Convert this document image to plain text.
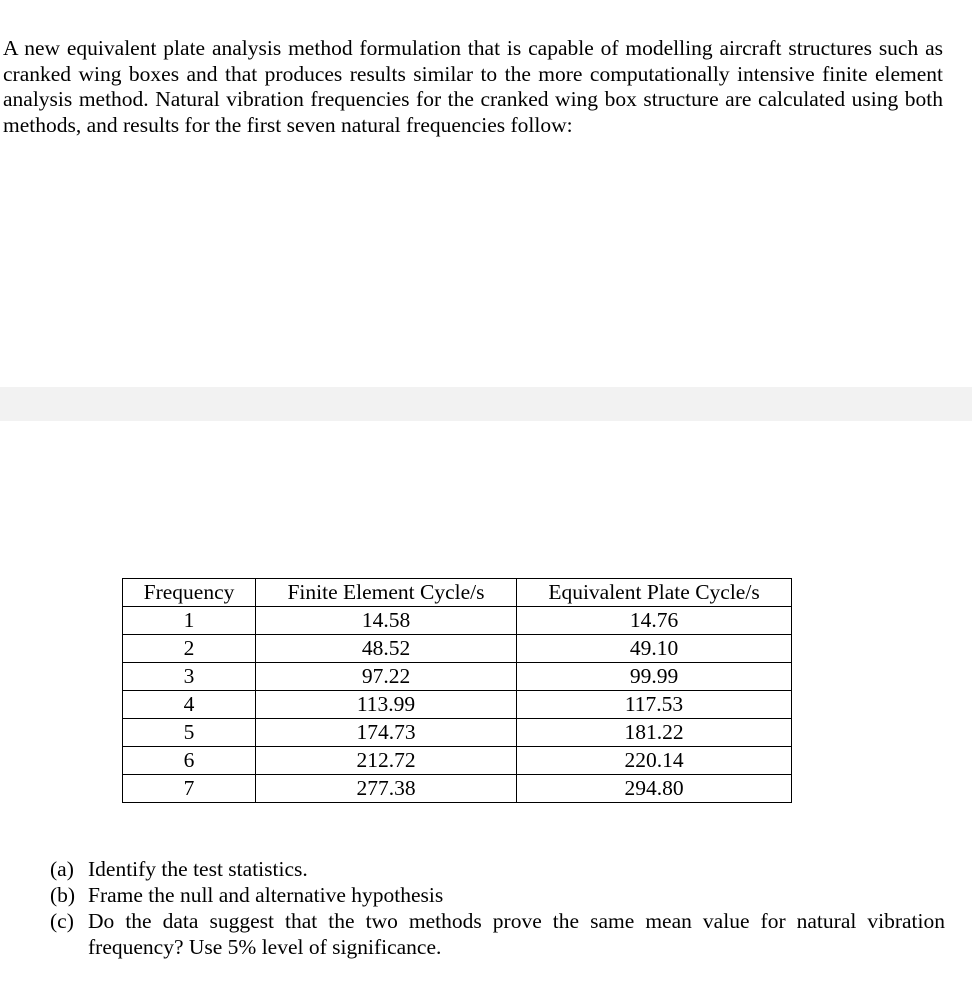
A new equivalent plate analysis method formulation that is capable of modelling aircraft structures such as cranked wing boxes and that produces results similar to the more computationally intensive finite element analysis method. Natural vibration frequencies for the cranked wing box structure are calculated using both methods, and results for the first seven natural frequencies follow:

Frequency	Finite Element Cycle/s	Equivalent Plate Cycle/s
1	14.58	14.76
2	48.52	49.10
3	97.22	99.99
4	113.99	117.53
5	174.73	181.22
6	212.72	220.14
7	277.38	294.80
(a) Identify the test statistics.
(b) Frame the null and alternative hypothesis
(c) Do the data suggest that the two methods prove the same mean value for natural vibration frequency? Use 5% level of significance.
